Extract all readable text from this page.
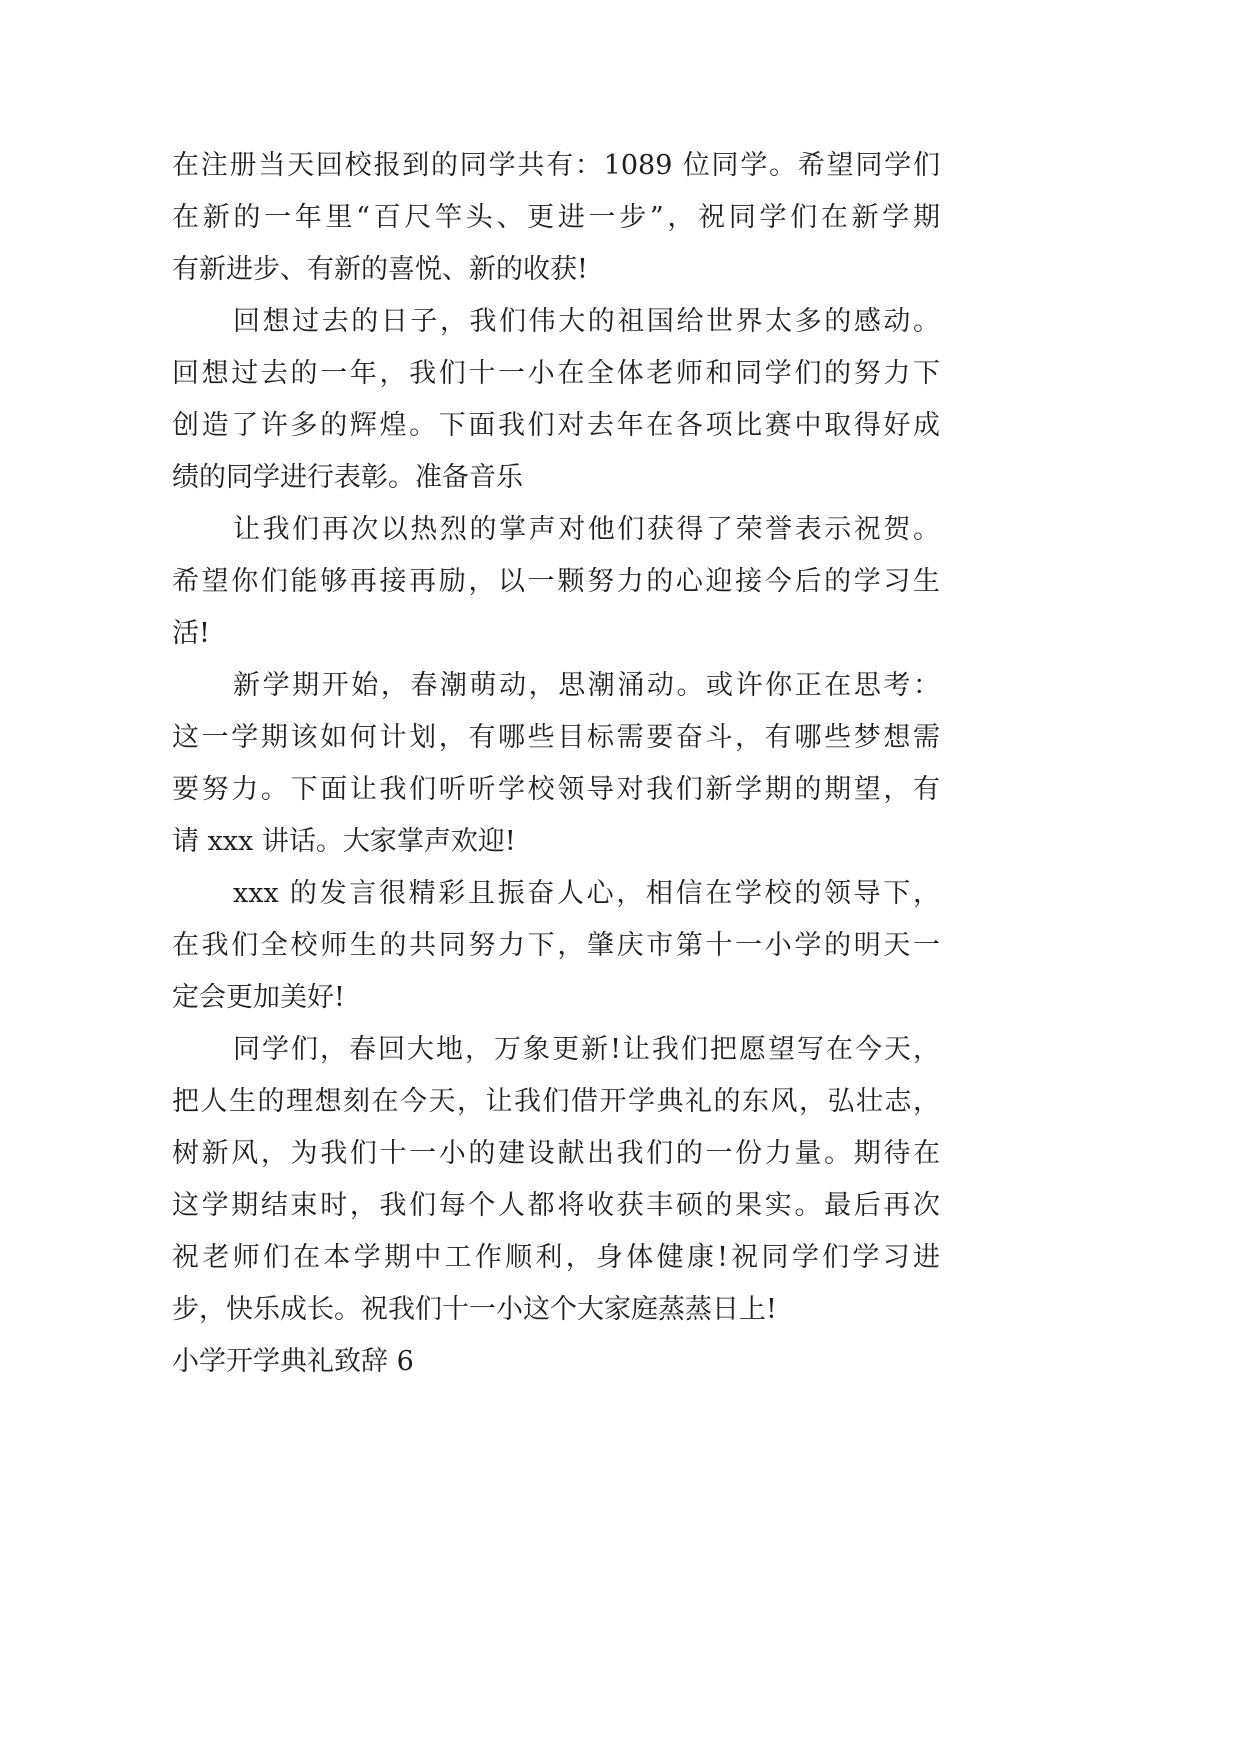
在注册当天回校报到的同学共有：1089 位同学。希望同学们
在新的一年里“百尺竿头、更进一步”，祝同学们在新学期
有新进步、有新的喜悦、新的收获!
回想过去的日子，我们伟大的祖国给世界太多的感动。
回想过去的一年，我们十一小在全体老师和同学们的努力下
创造了许多的辉煌。下面我们对去年在各项比赛中取得好成
绩的同学进行表彰。准备音乐
让我们再次以热烈的掌声对他们获得了荣誉表示祝贺。
希望你们能够再接再励，以一颗努力的心迎接今后的学习生
活!
新学期开始，春潮萌动，思潮涌动。或许你正在思考：
这一学期该如何计划，有哪些目标需要奋斗，有哪些梦想需
要努力。下面让我们听听学校领导对我们新学期的期望，有
请 xxx 讲话。大家掌声欢迎!
xxx 的发言很精彩且振奋人心，相信在学校的领导下，
在我们全校师生的共同努力下，肇庆市第十一小学的明天一
定会更加美好!
同学们，春回大地，万象更新!让我们把愿望写在今天，
把人生的理想刻在今天，让我们借开学典礼的东风，弘壮志，
树新风，为我们十一小的建设献出我们的一份力量。期待在
这学期结束时，我们每个人都将收获丰硕的果实。最后再次
祝老师们在本学期中工作顺利，身体健康!祝同学们学习进
步，快乐成长。祝我们十一小这个大家庭蒸蒸日上!
小学开学典礼致辞 6
